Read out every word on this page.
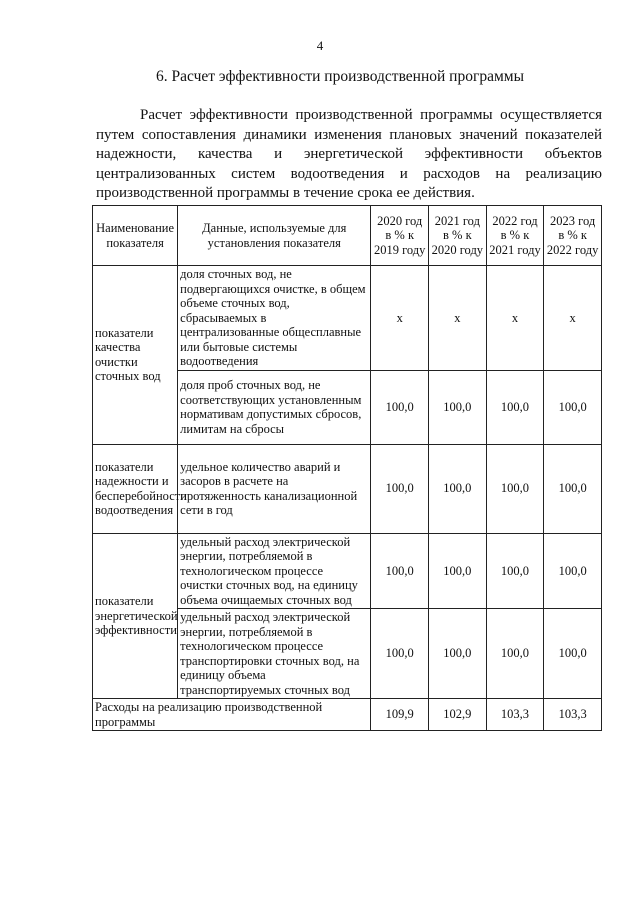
4
6. Расчет эффективности производственной программы

Расчет эффективности производственной программы осуществляется путем сопоставления динамики изменения плановых значений показателей надежности, качества и энергетической эффективности объектов централизованных систем водоотведения и расходов на реализацию производственной программы в течение срока ее действия.

Наименование показателя	Данные, используемые для установления показателя	2020 год в % к 2019 году	2021 год в % к 2020 году	2022 год в % к 2021 году	2023 год в % к 2022 году
показатели качества очистки сточных вод	доля сточных вод, не подвергающихся очистке, в общем объеме сточных вод, сбрасываемых в централизованные общесплавные или бытовые системы водоотведения	х	х	х	х
	доля проб сточных вод, не соответствующих установленным нормативам допустимых сбросов, лимитам на сбросы	100,0	100,0	100,0	100,0
показатели надежности и бесперебойности водоотведения	удельное количество аварий и засоров в расчете на протяженность канализационной сети в год	100,0	100,0	100,0	100,0
показатели энергетической эффективности	удельный расход электрической энергии, потребляемой в технологическом процессе очистки сточных вод, на единицу объема очищаемых сточных вод	100,0	100,0	100,0	100,0
	удельный расход электрической энергии, потребляемой в технологическом процессе транспортировки сточных вод, на единицу объема транспортируемых сточных вод	100,0	100,0	100,0	100,0
Расходы на реализацию производственной программы		109,9	102,9	103,3	103,3
